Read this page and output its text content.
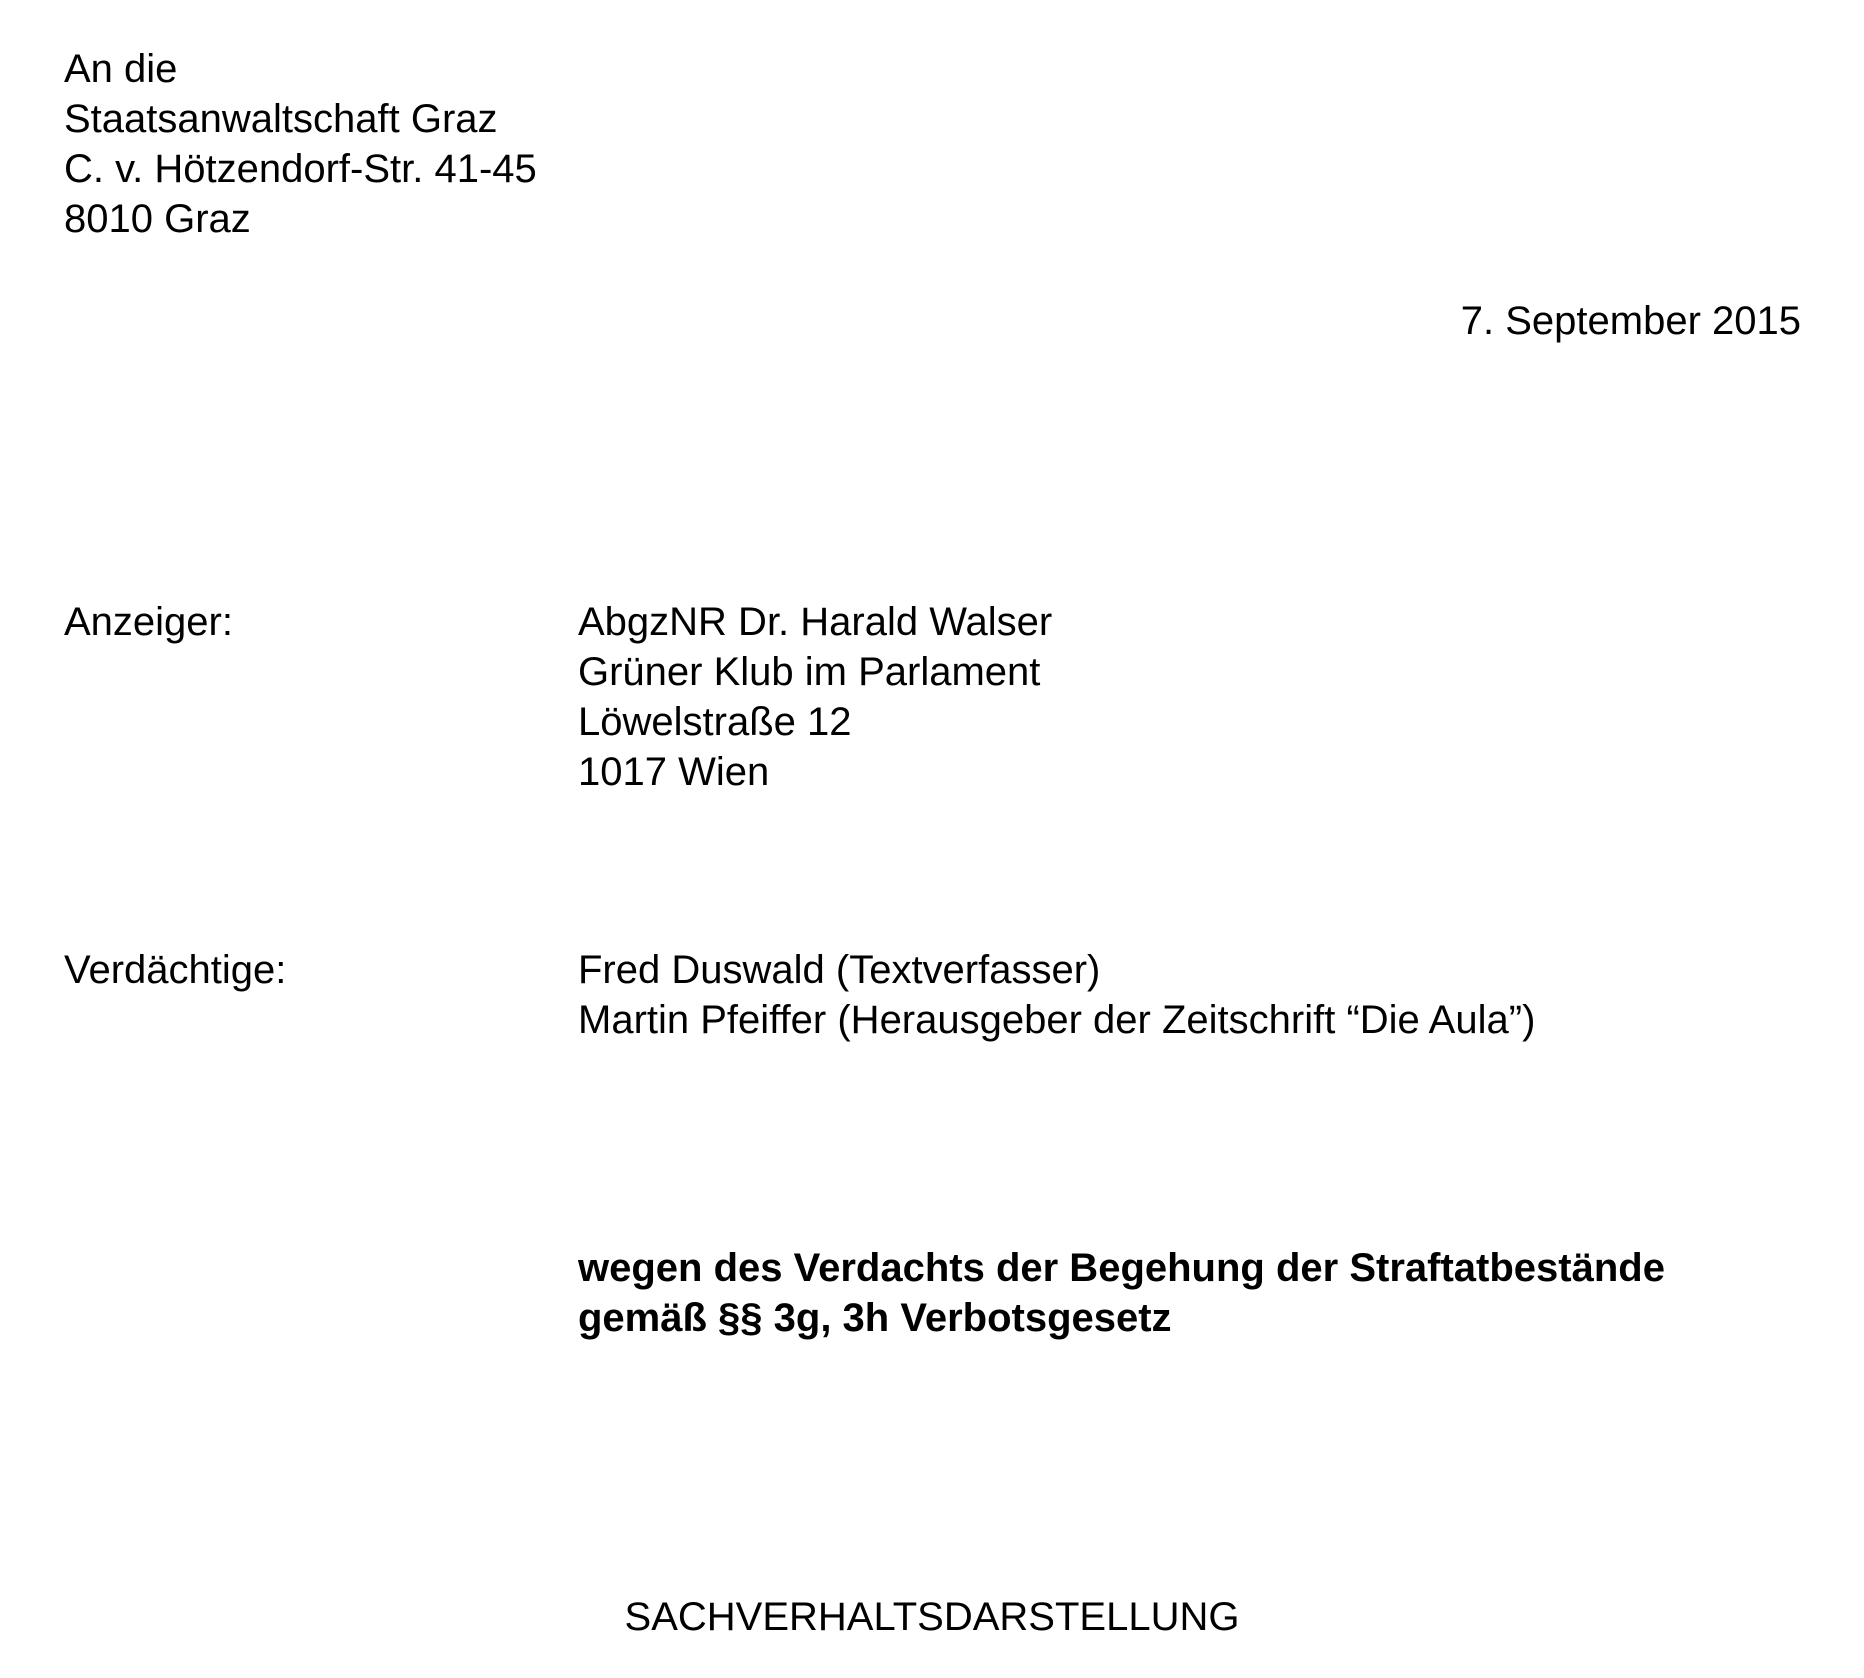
An die
Staatsanwaltschaft Graz
C. v. Hötzendorf-Str. 41-45
8010 Graz
7. September 2015
Anzeiger:	AbgzNR Dr. Harald Walser
Grüner Klub im Parlament
Löwelstraße 12
1017 Wien
Verdächtige:	Fred Duswald (Textverfasser)
Martin Pfeiffer (Herausgeber der Zeitschrift “Die Aula”)
wegen des Verdachts der Begehung der Straftatbestände
gemäß §§ 3g, 3h Verbotsgesetz
SACHVERHALTSDARSTELLUNG
